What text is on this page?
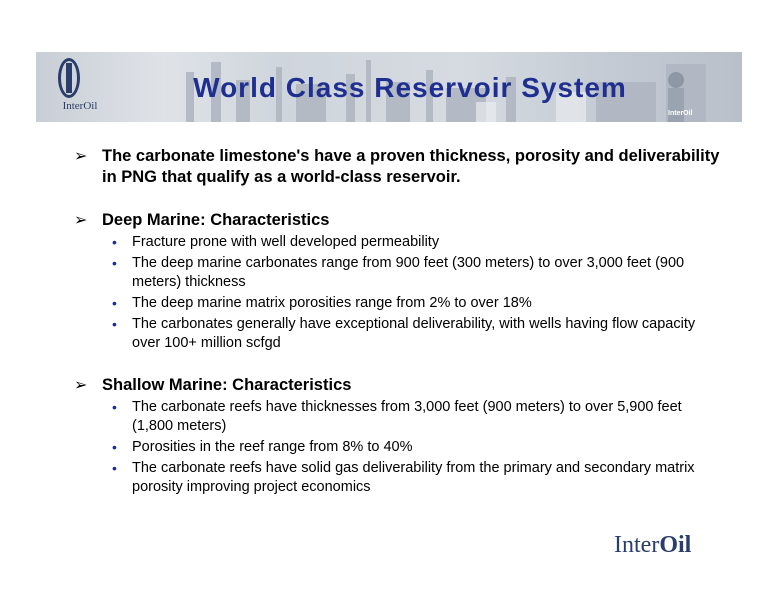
InterOil
World Class Reservoir System
InterOil
➢ The carbonate limestone's have a proven thickness, porosity and deliverability in PNG that qualify as a world-class reservoir.
➢ Deep Marine: Characteristics
• Fracture prone with well developed permeability
• The deep marine carbonates range from 900 feet (300 meters) to over 3,000 feet (900 meters) thickness
• The deep marine matrix porosities range from 2% to over 18%
• The carbonates generally have exceptional deliverability, with wells having flow capacity over 100+ million scfgd
➢ Shallow Marine: Characteristics
• The carbonate reefs have thicknesses from 3,000 feet (900 meters) to over 5,900 feet (1,800 meters)
• Porosities in the reef range from 8% to 40%
• The carbonate reefs have solid gas deliverability from the primary and secondary matrix porosity improving project economics
InterOil
